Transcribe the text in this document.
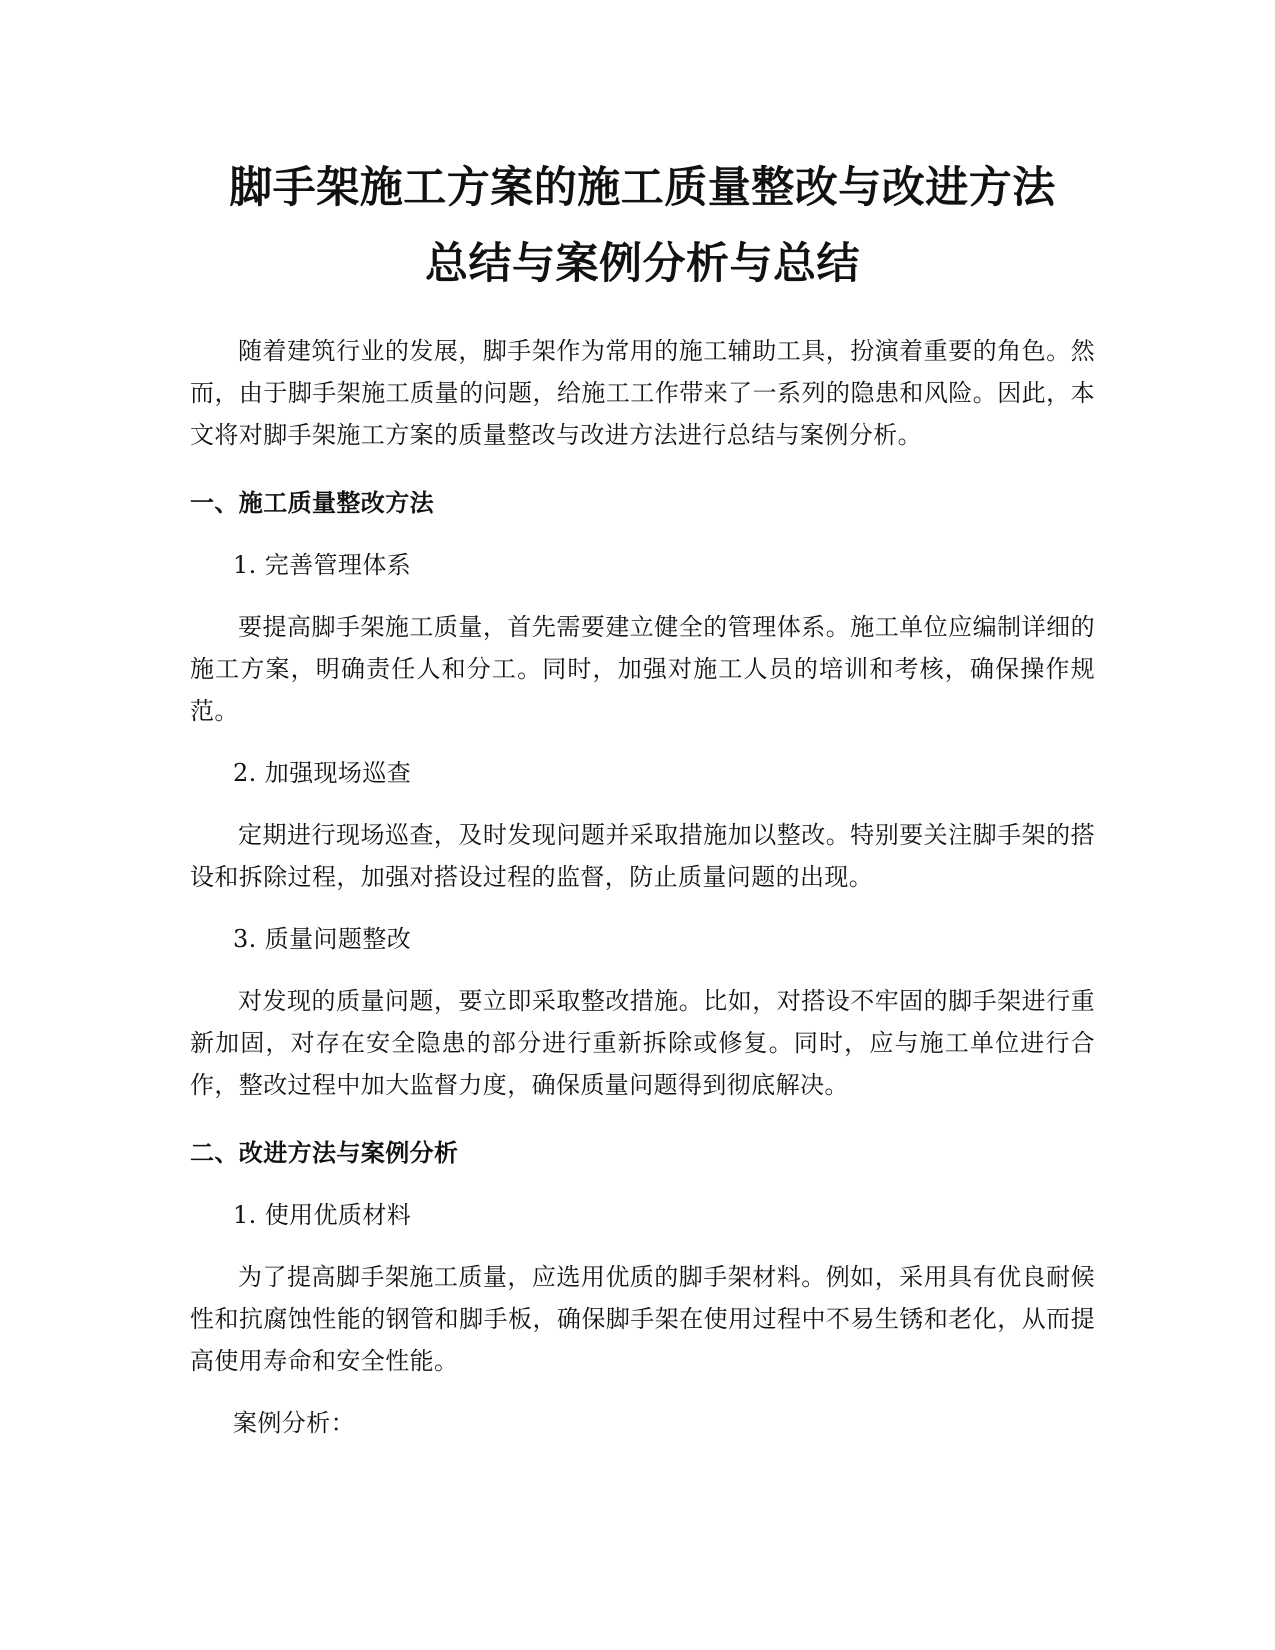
脚手架施工方案的施工质量整改与改进方法
总结与案例分析与总结

随着建筑行业的发展，脚手架作为常用的施工辅助工具，扮演着重要的角色。然而，由于脚手架施工质量的问题，给施工工作带来了一系列的隐患和风险。因此，本文将对脚手架施工方案的质量整改与改进方法进行总结与案例分析。

一、施工质量整改方法

1. 完善管理体系

要提高脚手架施工质量，首先需要建立健全的管理体系。施工单位应编制详细的施工方案，明确责任人和分工。同时，加强对施工人员的培训和考核，确保操作规范。

2. 加强现场巡查

定期进行现场巡查，及时发现问题并采取措施加以整改。特别要关注脚手架的搭设和拆除过程，加强对搭设过程的监督，防止质量问题的出现。

3. 质量问题整改

对发现的质量问题，要立即采取整改措施。比如，对搭设不牢固的脚手架进行重新加固，对存在安全隐患的部分进行重新拆除或修复。同时，应与施工单位进行合作，整改过程中加大监督力度，确保质量问题得到彻底解决。

二、改进方法与案例分析

1. 使用优质材料

为了提高脚手架施工质量，应选用优质的脚手架材料。例如，采用具有优良耐候性和抗腐蚀性能的钢管和脚手板，确保脚手架在使用过程中不易生锈和老化，从而提高使用寿命和安全性能。

案例分析：
